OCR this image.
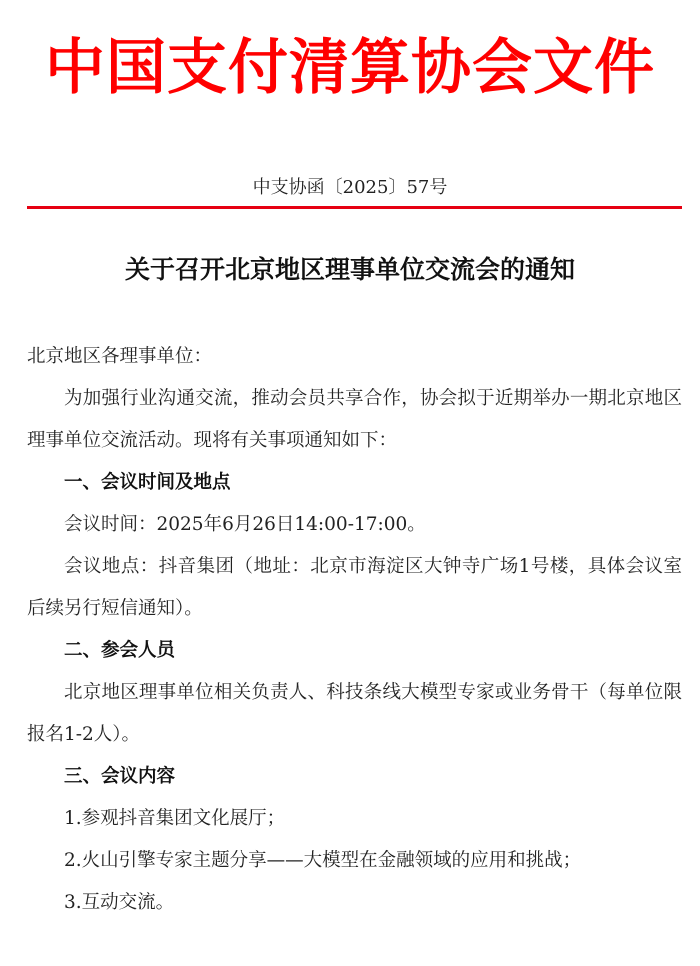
中国支付清算协会文件
中支协函〔2025〕57号
关于召开北京地区理事单位交流会的通知

北京地区各理事单位：

为加强行业沟通交流，推动会员共享合作，协会拟于近期举办一期北京地区理事单位交流活动。现将有关事项通知如下：

一、会议时间及地点

会议时间：2025年6月26日14:00-17:00。

会议地点：抖音集团（地址：北京市海淀区大钟寺广场1号楼，具体会议室后续另行短信通知）。

二、参会人员

北京地区理事单位相关负责人、科技条线大模型专家或业务骨干（每单位限报名1-2人）。

三、会议内容

1.参观抖音集团文化展厅；

2.火山引擎专家主题分享——大模型在金融领域的应用和挑战；

3.互动交流。
